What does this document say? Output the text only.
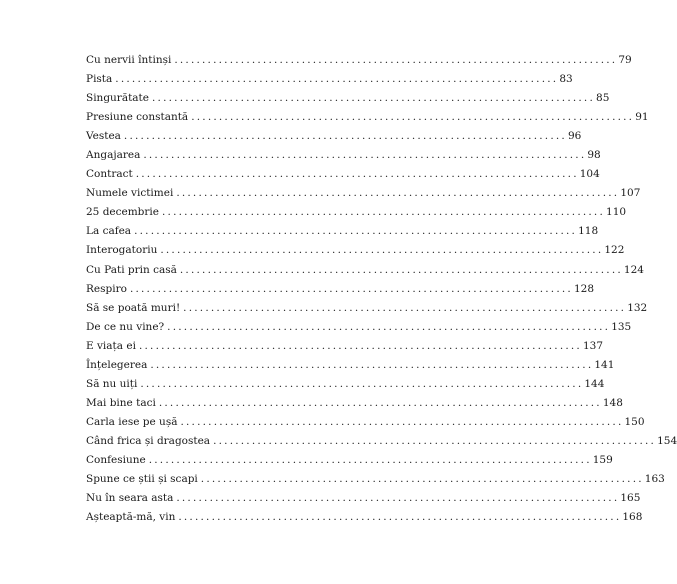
Cu nervii întinși ................................................................................ 79
Pista ................................................................................ 83
Singurătate ................................................................................ 85
Presiune constantă ................................................................................ 91
Vestea ................................................................................ 96
Angajarea ................................................................................ 98
Contract ................................................................................ 104
Numele victimei ................................................................................ 107
25 decembrie ................................................................................ 110
La cafea ................................................................................ 118
Interogatoriu ................................................................................ 122
Cu Pati prin casă ................................................................................ 124
Respiro ................................................................................ 128
Să se poată muri! ................................................................................ 132
De ce nu vine? ................................................................................ 135
E viața ei ................................................................................ 137
Înțelegerea ................................................................................ 141
Să nu uiți ................................................................................ 144
Mai bine taci ................................................................................ 148
Carla iese pe ușă ................................................................................ 150
Când frica și dragostea ................................................................................ 154
Confesiune ................................................................................ 159
Spune ce știi și scapi ................................................................................ 163
Nu în seara asta ................................................................................ 165
Așteaptă-mă, vin ................................................................................ 168
